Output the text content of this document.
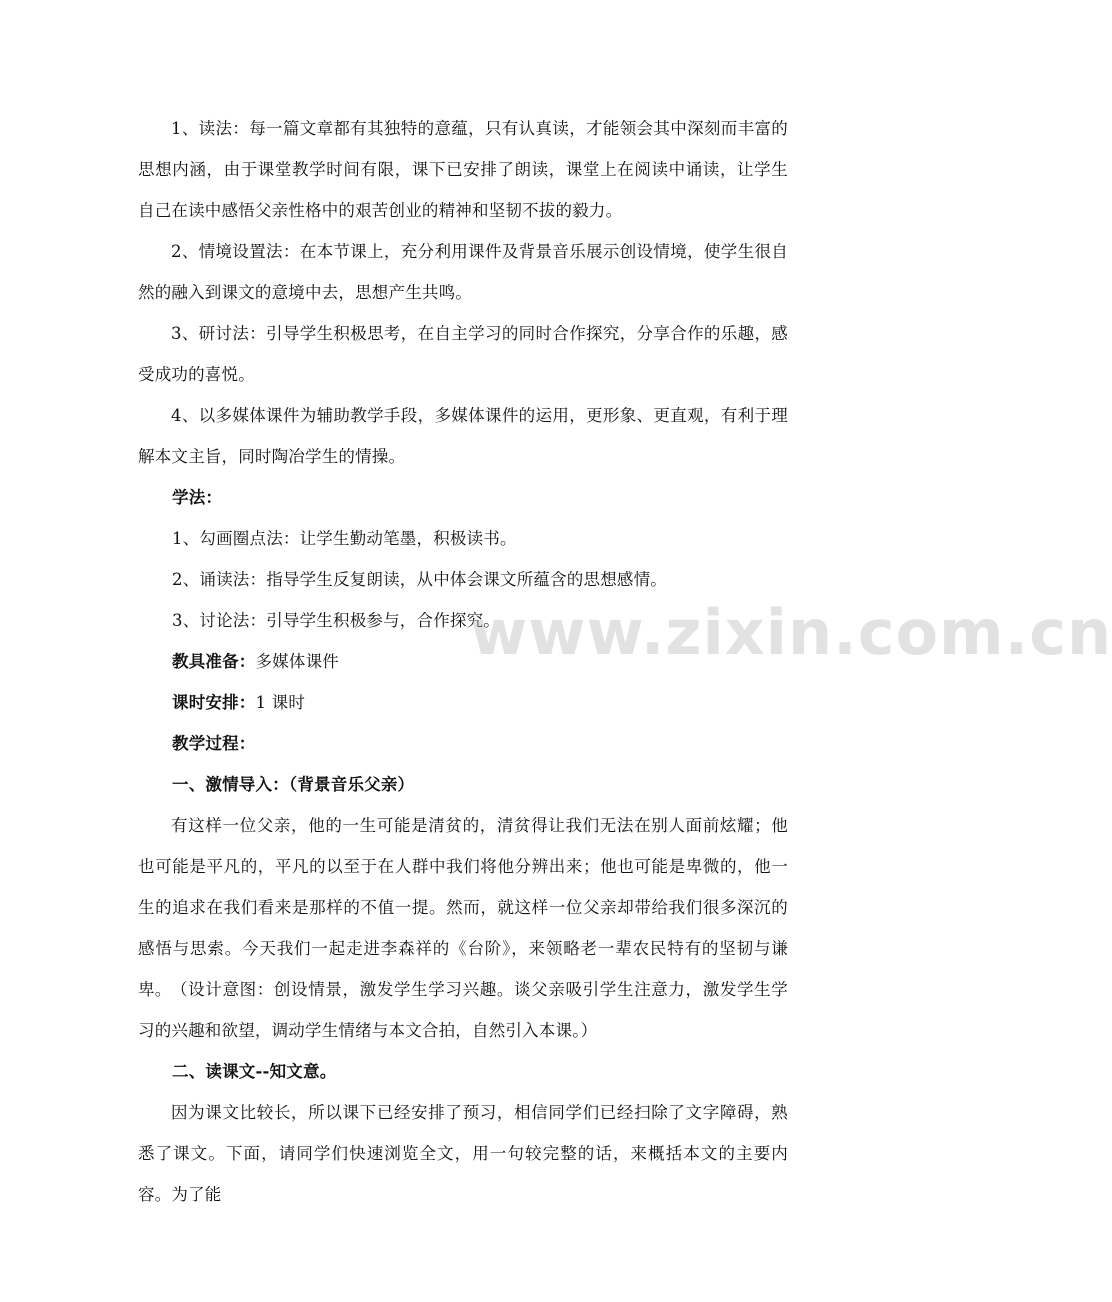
1、读法：每一篇文章都有其独特的意蕴，只有认真读，才能领会其中深刻而丰富的思想内涵，由于课堂教学时间有限，课下已安排了朗读，课堂上在阅读中诵读，让学生自己在读中感悟父亲性格中的艰苦创业的精神和坚韧不拔的毅力。

2、情境设置法：在本节课上，充分利用课件及背景音乐展示创设情境，使学生很自然的融入到课文的意境中去，思想产生共鸣。

3、研讨法：引导学生积极思考，在自主学习的同时合作探究，分享合作的乐趣，感受成功的喜悦。

4、以多媒体课件为辅助教学手段，多媒体课件的运用，更形象、更直观，有利于理解本文主旨，同时陶冶学生的情操。

学法：

1、勾画圈点法：让学生勤动笔墨，积极读书。

2、诵读法：指导学生反复朗读，从中体会课文所蕴含的思想感情。

3、讨论法：引导学生积极参与，合作探究。

教具准备：多媒体课件

课时安排：1 课时

教学过程：

一、激情导入：（背景音乐父亲）

有这样一位父亲，他的一生可能是清贫的，清贫得让我们无法在别人面前炫耀；他也可能是平凡的，平凡的以至于在人群中我们将他分辨出来；他也可能是卑微的，他一生的追求在我们看来是那样的不值一提。然而，就这样一位父亲却带给我们很多深沉的感悟与思索。今天我们一起走进李森祥的《台阶》，来领略老一辈农民特有的坚韧与谦卑。 （设计意图：创设情景，激发学生学习兴趣。谈父亲吸引学生注意力，激发学生学习的兴趣和欲望，调动学生情绪与本文合拍，自然引入本课。）

二、读课文--知文意。

因为课文比较长，所以课下已经安排了预习，相信同学们已经扫除了文字障碍，熟悉了课文。下面，请同学们快速浏览全文，用一句较完整的话，来概括本文的主要内容。为了能

www.zixin.com.cn
